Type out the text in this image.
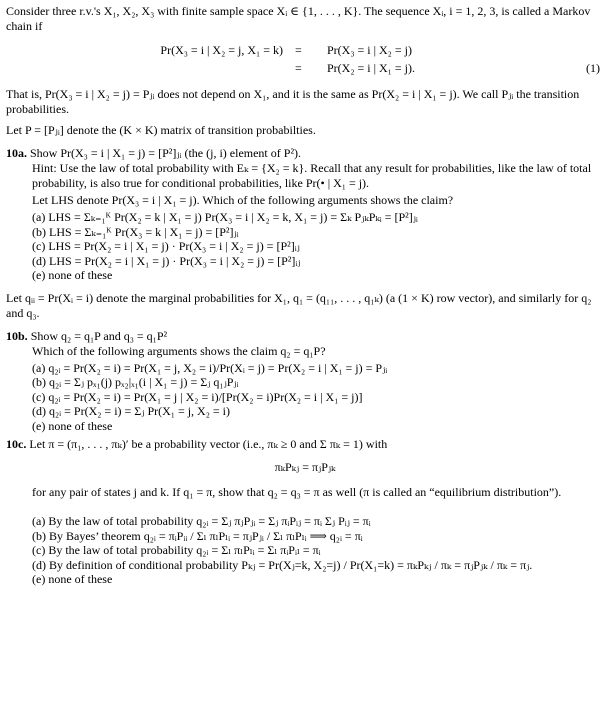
Consider three r.v.'s X₁, X₂, X₃ with finite sample space Xᵢ ∈ {1, . . . , K}. The sequence Xᵢ, i = 1, 2, 3, is called a Markov chain if

Pr(X₃ = i | X₂ = j, X₁ = k) = Pr(X₃ = i | X₂ = j)
= Pr(X₂ = i | X₁ = j).	(1)

That is, Pr(X₃ = i | X₂ = j) = Pⱼᵢ does not depend on X₁, and it is the same as Pr(X₂ = i | X₁ = j). We call Pⱼᵢ the transition probabilities.

Let P = [Pⱼᵢ] denote the (K × K) matrix of transition probabilties.

10a. Show Pr(X₃ = i | X₁ = j) = [P²]ⱼᵢ (the (j, i) element of P²).

Hint: Use the law of total probability with Eₖ = {X₂ = k}. Recall that any result for probabilities, like the law of total probability, is also true for conditional probabilities, like Pr(• | X₁ = j).

Let LHS denote Pr(X₃ = i | X₁ = j). Which of the following arguments shows the claim?

(a) LHS = Σₖ₌₁ᴷ Pr(X₂ = k | X₁ = j) Pr(X₃ = i | X₂ = k, X₁ = j) = Σₖ PⱼₖPₖᵢ = [P²]ⱼᵢ
(b) LHS = Σₖ₌₁ᴷ Pr(X₃ = k | X₁ = j) = [P²]ⱼᵢ
(c) LHS = Pr(X₂ = i | X₁ = j) · Pr(X₃ = i | X₂ = j) = [P²]ᵢⱼ
(d) LHS = Pr(X₂ = i | X₁ = j) · Pr(X₃ = i | X₂ = j) = [P²]ᵢⱼ
(e) none of these

Let qᵢᵢ = Pr(Xᵢ = i) denote the marginal probabilities for X₁, q₁ = (q₁₁, . . . , q₁ₖ) (a (1 × K) row vector), and similarly for q₂ and q₃.

10b. Show q₂ = q₁P and q₃ = q₁P²

Which of the following arguments shows the claim q₂ = q₁P?

(a) q₂ᵢ = Pr(X₂ = i) = Pr(X₁ = j, X₂ = i)/Pr(Xᵢ = j) = Pr(X₂ = i | X₁ = j) = Pⱼᵢ
(b) q₂ᵢ = Σⱼ pₓ₁(j) pₓ₂|ₓ₁(i | X₁ = j) = Σⱼ q₁ⱼPⱼᵢ
(c) q₂ᵢ = Pr(X₂ = i) = Pr(X₁ = j | X₂ = i)/[Pr(X₂ = i)Pr(X₂ = i | X₁ = j)]
(d) q₂ᵢ = Pr(X₂ = i) = Σⱼ Pr(X₁ = j, X₂ = i)
(e) none of these

10c. Let π = (π₁, . . . , πₖ)′ be a probability vector (i.e., πₖ ≥ 0 and Σ πₖ = 1) with

πₖPₖⱼ = πⱼPⱼₖ

for any pair of states j and k. If q₁ = π, show that q₂ = q₃ = π as well (π is called an “equilibrium distribution”).

(a) By the law of total probability q₂ᵢ = Σⱼ πⱼPⱼᵢ = Σⱼ πᵢPᵢⱼ = πᵢ Σⱼ Pᵢⱼ = πᵢ
(b) By Bayes’ theorem q₂ᵢ = πᵢPᵢᵢ / Σₗ πₗPₗᵢ = πⱼPⱼᵢ / Σₗ πₗPₗᵢ ⟹ q₂ᵢ = πᵢ
(c) By the law of total probability q₂ᵢ = Σₗ πₗPₗᵢ = Σₗ πᵢPᵢₗ = πᵢ
(d) By definition of conditional probability Pₖⱼ = Pr(Xⱼ=k, X₂=j) / Pr(X₁=k) = πₖPₖⱼ / πₖ = πⱼPⱼₖ / πₖ = πⱼ.
(e) none of these
